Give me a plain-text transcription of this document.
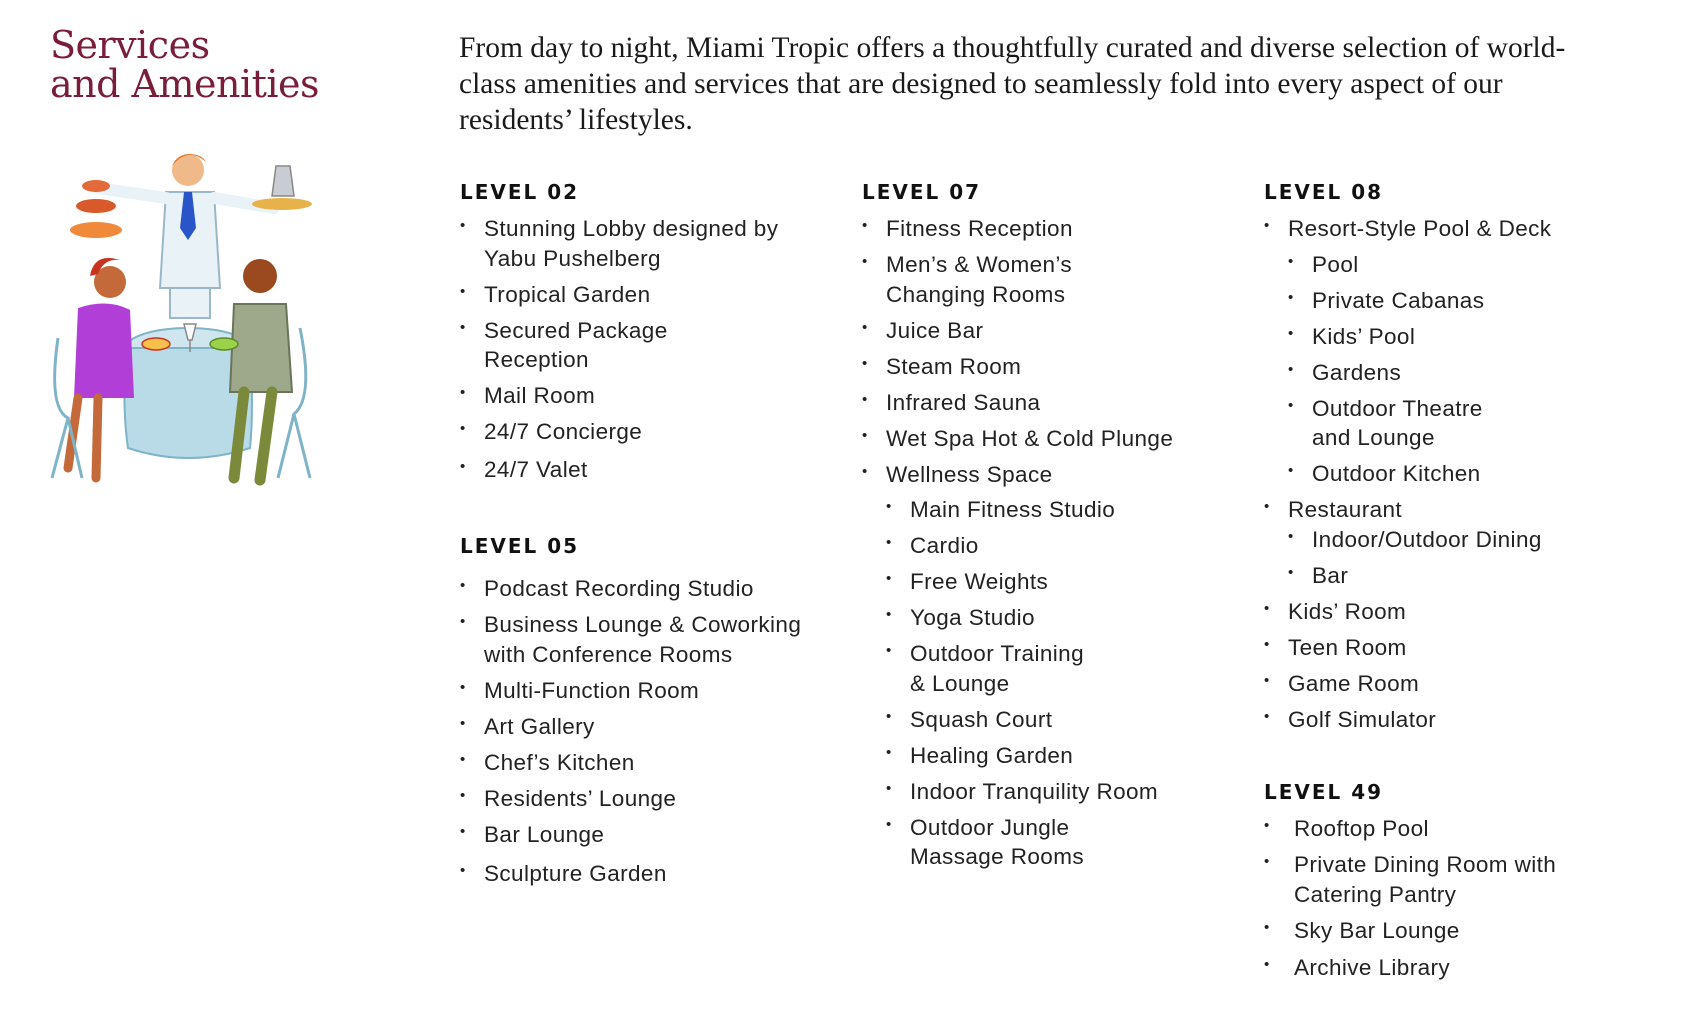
Services
and Amenities

From day to night, Miami Tropic offers a thoughtfully curated and diverse selection of world-class amenities and services that are designed to seamlessly fold into every aspect of our residents’ lifestyles.

LEVEL 02
• Stunning Lobby designed by Yabu Pushelberg
• Tropical Garden
• Secured Package Reception
• Mail Room
• 24/7 Concierge
• 24/7 Valet
LEVEL 05
• Podcast Recording Studio
• Business Lounge & Coworking with Conference Rooms
• Multi-Function Room
• Art Gallery
• Chef’s Kitchen
• Residents’ Lounge
• Bar Lounge
• Sculpture Garden
LEVEL 07
• Fitness Reception
• Men’s & Women’s Changing Rooms
• Juice Bar
• Steam Room
• Infrared Sauna
• Wet Spa Hot & Cold Plunge
• Wellness Space
• Main Fitness Studio
• Cardio
• Free Weights
• Yoga Studio
• Outdoor Training & Lounge
• Squash Court
• Healing Garden
• Indoor Tranquility Room
• Outdoor Jungle Massage Rooms
LEVEL 08
• Resort-Style Pool & Deck
• Pool
• Private Cabanas
• Kids’ Pool
• Gardens
• Outdoor Theatre and Lounge
• Outdoor Kitchen
• Restaurant
• Indoor/Outdoor Dining
• Bar
• Kids’ Room
• Teen Room
• Game Room
• Golf Simulator
LEVEL 49
• Rooftop Pool
• Private Dining Room with Catering Pantry
• Sky Bar Lounge
• Archive Library
